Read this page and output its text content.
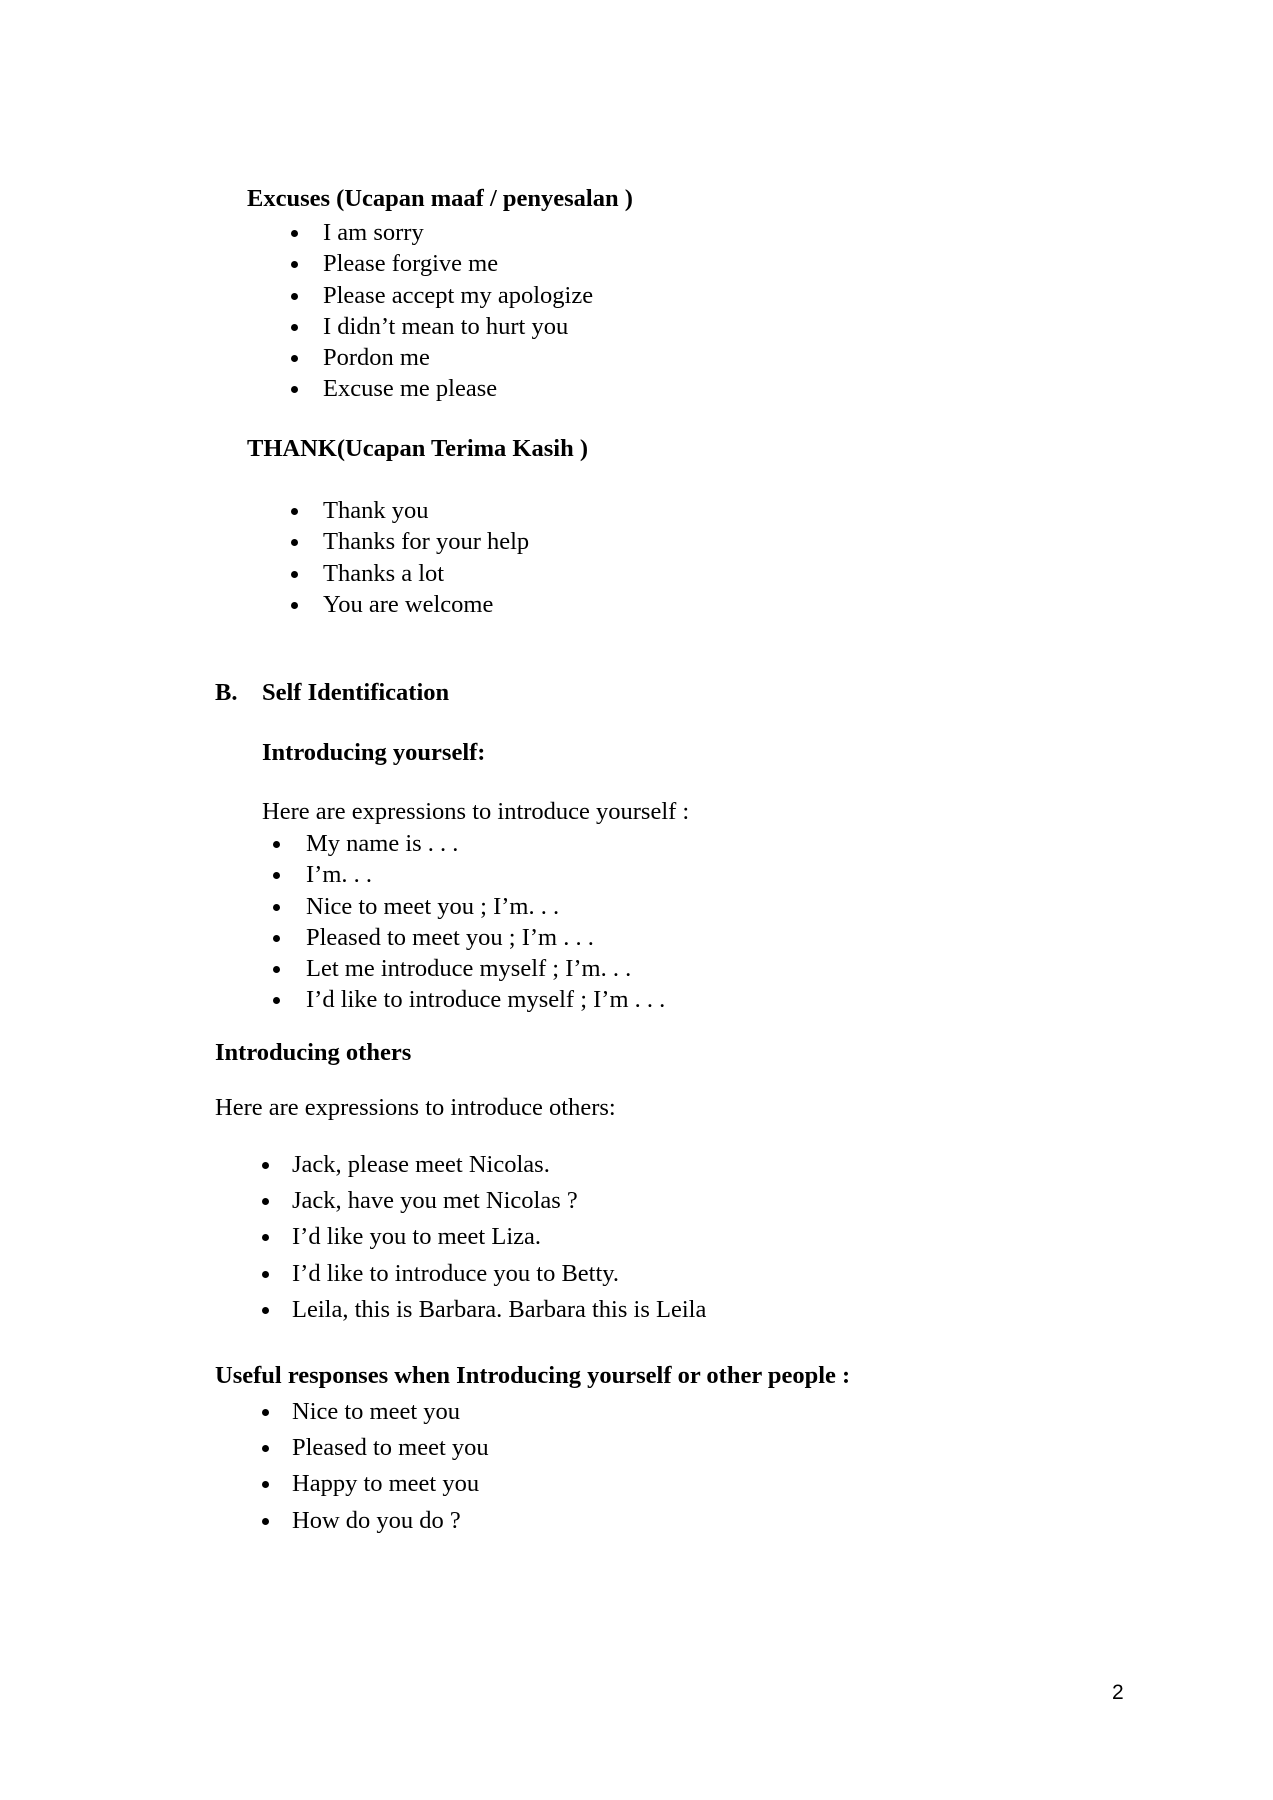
Excuses (Ucapan maaf / penyesalan )
I am sorry
Please forgive me
Please accept my apologize
I didn’t mean to hurt you
Pordon me
Excuse me please
THANK(Ucapan Terima Kasih )
Thank you
Thanks for your help
Thanks a lot
You are welcome
B. Self Identification
Introducing yourself:
Here are expressions to introduce yourself :
My name is . . .
I’m. . .
Nice to meet you ; I’m. . .
Pleased to meet you ; I’m . . .
Let me introduce myself ; I’m. . .
I’d like to introduce myself ; I’m . . .
Introducing others
Here are expressions to introduce others:
Jack, please meet Nicolas.
Jack, have you met Nicolas ?
I’d like you to meet Liza.
I’d like to introduce you to Betty.
Leila, this is Barbara. Barbara this is Leila
Useful responses when Introducing yourself or other people :
Nice to meet you
Pleased to meet you
Happy to meet you
How do you do ?
2
